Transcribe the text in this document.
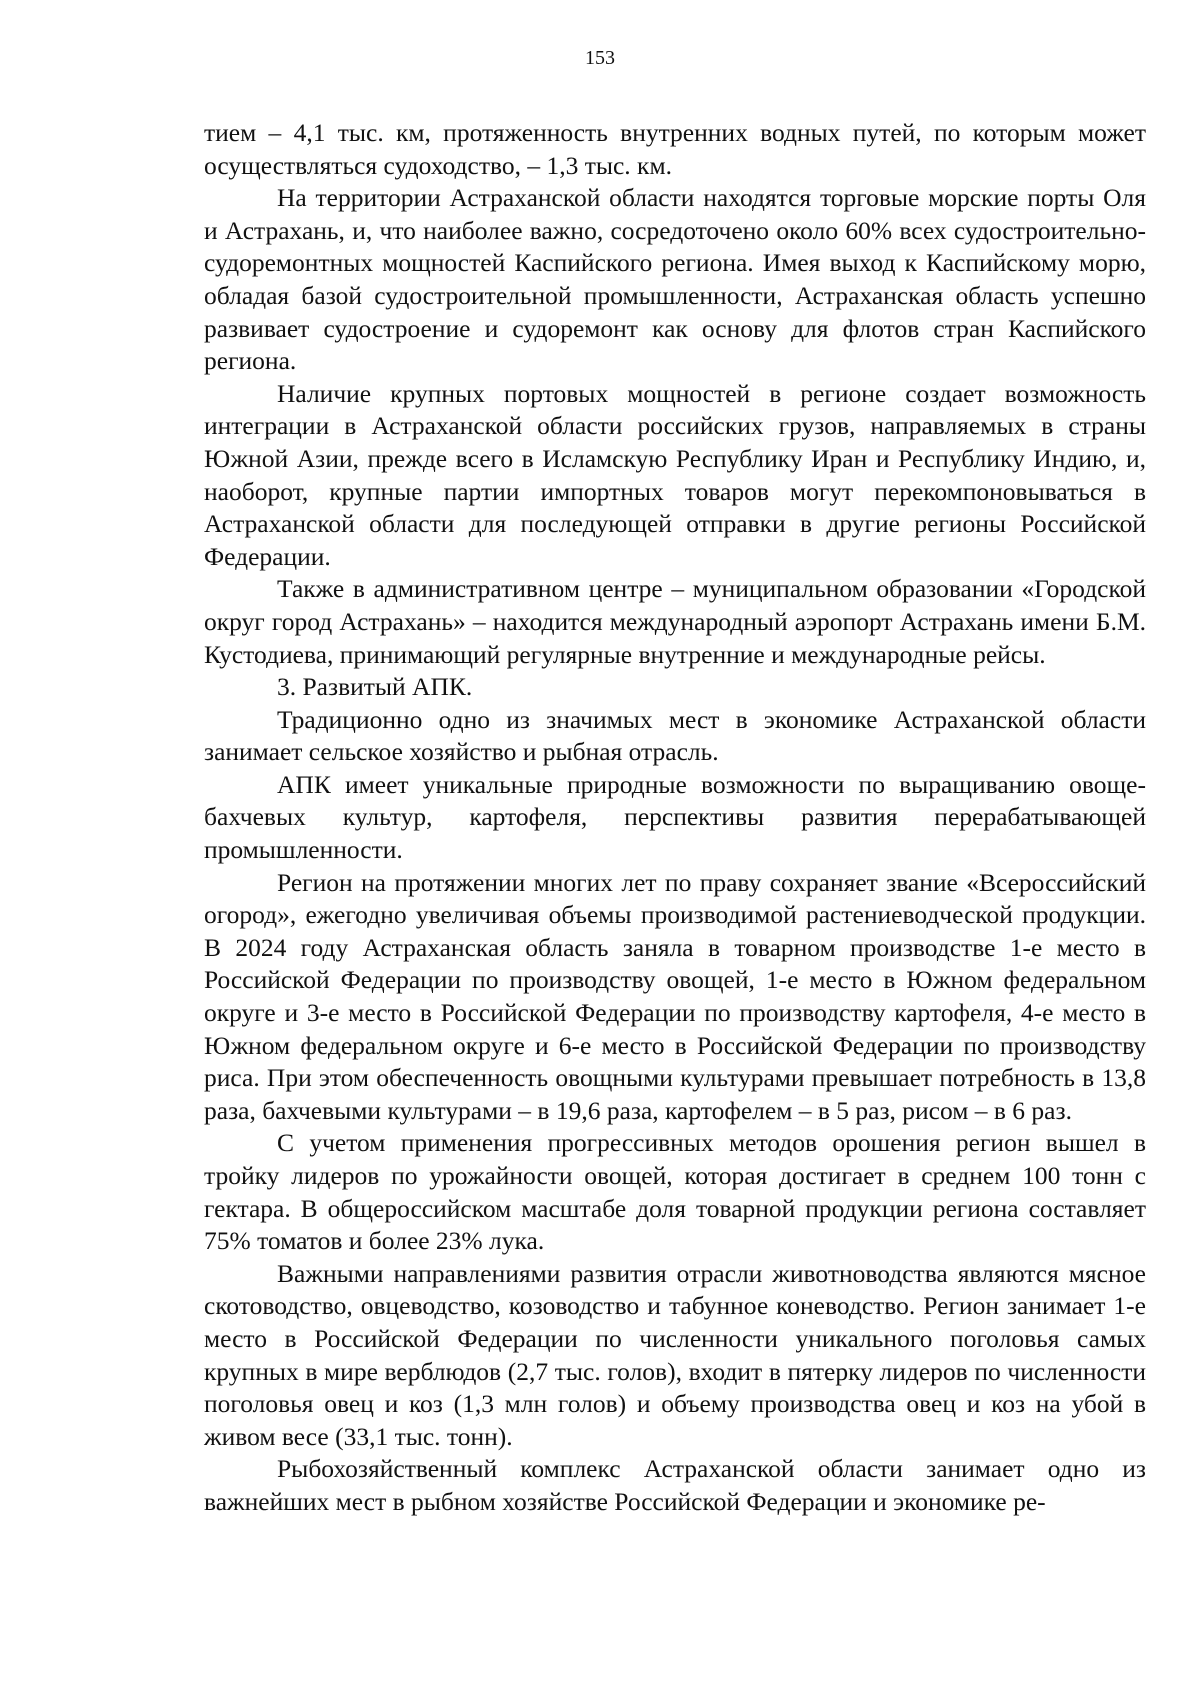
153

тием – 4,1 тыс. км, протяженность внутренних водных путей, по которым может осуществляться судоходство, – 1,3 тыс. км.

На территории Астраханской области находятся торговые морские порты Оля и Астрахань, и, что наиболее важно, сосредоточено около 60% всех судостроительно-судоремонтных мощностей Каспийского региона. Имея выход к Каспийскому морю, обладая базой судостроительной промышленности, Астраханская область успешно развивает судостроение и судоремонт как основу для флотов стран Каспийского региона.

Наличие крупных портовых мощностей в регионе создает возможность интеграции в Астраханской области российских грузов, направляемых в страны Южной Азии, прежде всего в Исламскую Республику Иран и Республику Индию, и, наоборот, крупные партии импортных товаров могут перекомпоновываться в Астраханской области для последующей отправки в другие регионы Российской Федерации.

Также в административном центре – муниципальном образовании «Городской округ город Астрахань» – находится международный аэропорт Астрахань имени Б.М. Кустодиева, принимающий регулярные внутренние и международные рейсы.

3. Развитый АПК.

Традиционно одно из значимых мест в экономике Астраханской области занимает сельское хозяйство и рыбная отрасль.

АПК имеет уникальные природные возможности по выращиванию овоще-бахчевых культур, картофеля, перспективы развития перерабатывающей промышленности.

Регион на протяжении многих лет по праву сохраняет звание «Всероссийский огород», ежегодно увеличивая объемы производимой растениеводческой продукции. В 2024 году Астраханская область заняла в товарном производстве 1-е место в Российской Федерации по производству овощей, 1-е место в Южном федеральном округе и 3-е место в Российской Федерации по производству картофеля, 4-е место в Южном федеральном округе и 6-е место в Российской Федерации по производству риса. При этом обеспеченность овощными культурами превышает потребность в 13,8 раза, бахчевыми культурами – в 19,6 раза, картофелем – в 5 раз, рисом – в 6 раз.

С учетом применения прогрессивных методов орошения регион вышел в тройку лидеров по урожайности овощей, которая достигает в среднем 100 тонн с гектара. В общероссийском масштабе доля товарной продукции региона составляет 75% томатов и более 23% лука.

Важными направлениями развития отрасли животноводства являются мясное скотоводство, овцеводство, козоводство и табунное коневодство. Регион занимает 1-е место в Российской Федерации по численности уникального поголовья самых крупных в мире верблюдов (2,7 тыс. голов), входит в пятерку лидеров по численности поголовья овец и коз (1,3 млн голов) и объему производства овец и коз на убой в живом весе (33,1 тыс. тонн).

Рыбохозяйственный комплекс Астраханской области занимает одно из важнейших мест в рыбном хозяйстве Российской Федерации и экономике ре-
